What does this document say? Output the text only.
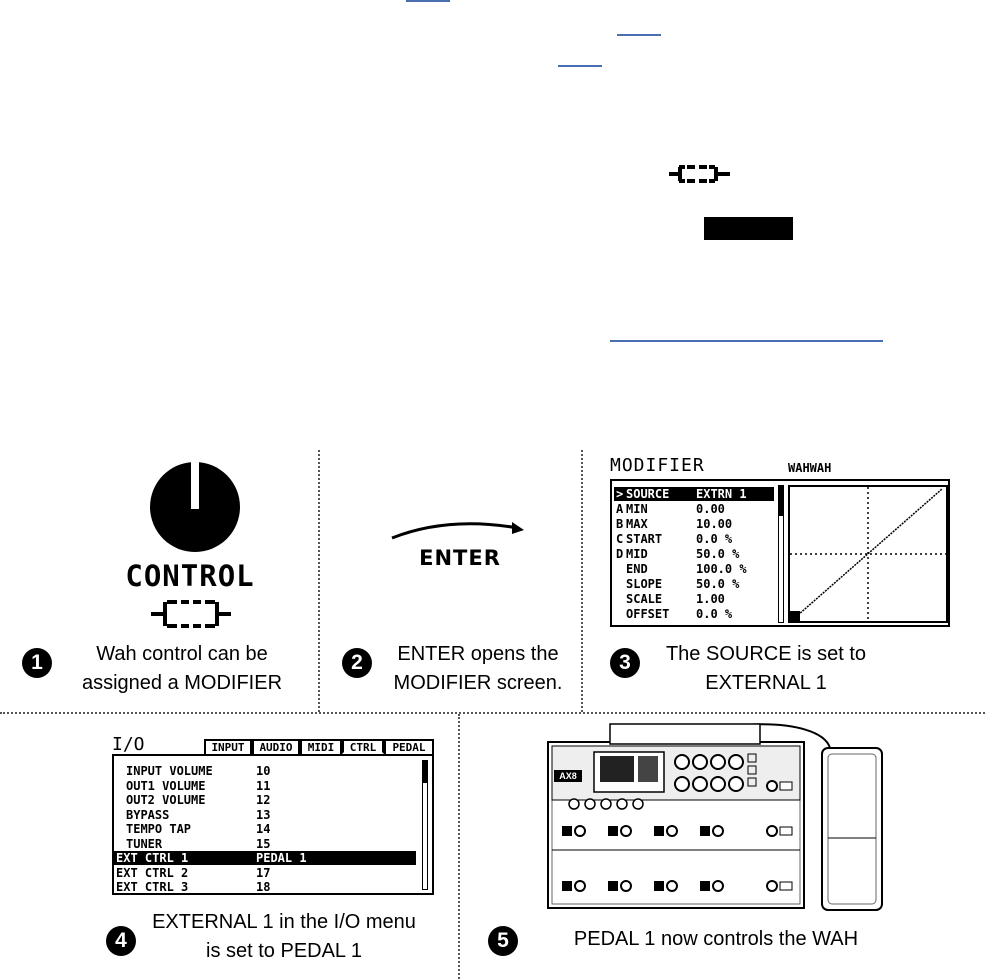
CONTROL
1	Wah control can be
assigned a MODIFIER
ENTER
2	ENTER opens the
MODIFIER screen.
MODIFIER	WAHWAH
> SOURCE EXTRN 1
A MIN	0.00
B MAX	10.00
C START	0.0 %
D MID	50.0 %
END	100.0 %
SLOPE	50.0 %
SCALE	1.00
OFFSET 0.0 %
3	The SOURCE is set to
EXTERNAL 1
I/O	INPUT	AUDIO	MIDI	CTRL	PEDAL
INPUT VOLUME	10
OUT1 VOLUME	11
OUT2 VOLUME	12
BYPASS	13
TEMPO TAP	14
TUNER	15
EXT CTRL 1	PEDAL 1
EXT CTRL 2	17
EXT CTRL 3	18
4
EXTERNAL 1 in the I/O menu
is set to PEDAL 1
AX8
5	PEDAL 1 now controls the WAH
